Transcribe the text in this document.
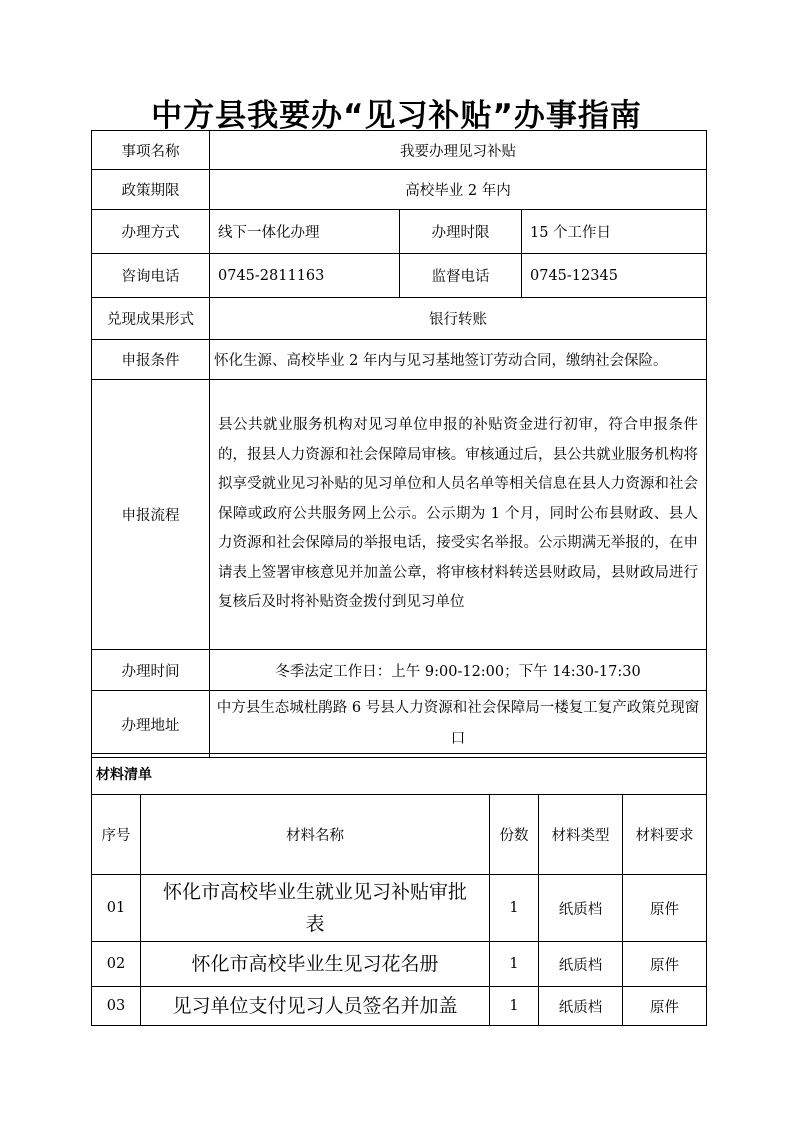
中方县我要办“见习补贴”办事指南
事项名称	我要办理见习补贴		
政策期限	高校毕业 2 年内		
办理方式	线下一体化办理	办理时限	15 个工作日
咨询电话	0745-2811163	监督电话	0745-12345
兑现成果形式	银行转账		
申报条件	怀化生源、高校毕业 2 年内与见习基地签订劳动合同，缴纳社会保险。		
申报流程	县公共就业服务机构对见习单位申报的补贴资金进行初审，符合申报条件的，报县人力资源和社会保障局审核。审核通过后，县公共就业服务机构将拟享受就业见习补贴的见习单位和人员名单等相关信息在县人力资源和社会保障或政府公共服务网上公示。公示期为 1 个月，同时公布县财政、县人力资源和社会保障局的举报电话，接受实名举报。公示期满无举报的，在申请表上签署审核意见并加盖公章，将审核材料转送县财政局，县财政局进行复核后及时将补贴资金拨付到见习单位		
办理时间	冬季法定工作日：上午 9:00-12:00；下午 14:30-17:30		
办理地址	中方县生态城杜鹃路 6 号县人力资源和社会保障局一楼复工复产政策兑现窗口		
材料清单				
序号	材料名称	份数	材料类型	材料要求
01	怀化市高校毕业生就业见习补贴审批表	1	纸质档	原件
02	怀化市高校毕业生见习花名册	1	纸质档	原件
03	见习单位支付见习人员签名并加盖	1	纸质档	原件
